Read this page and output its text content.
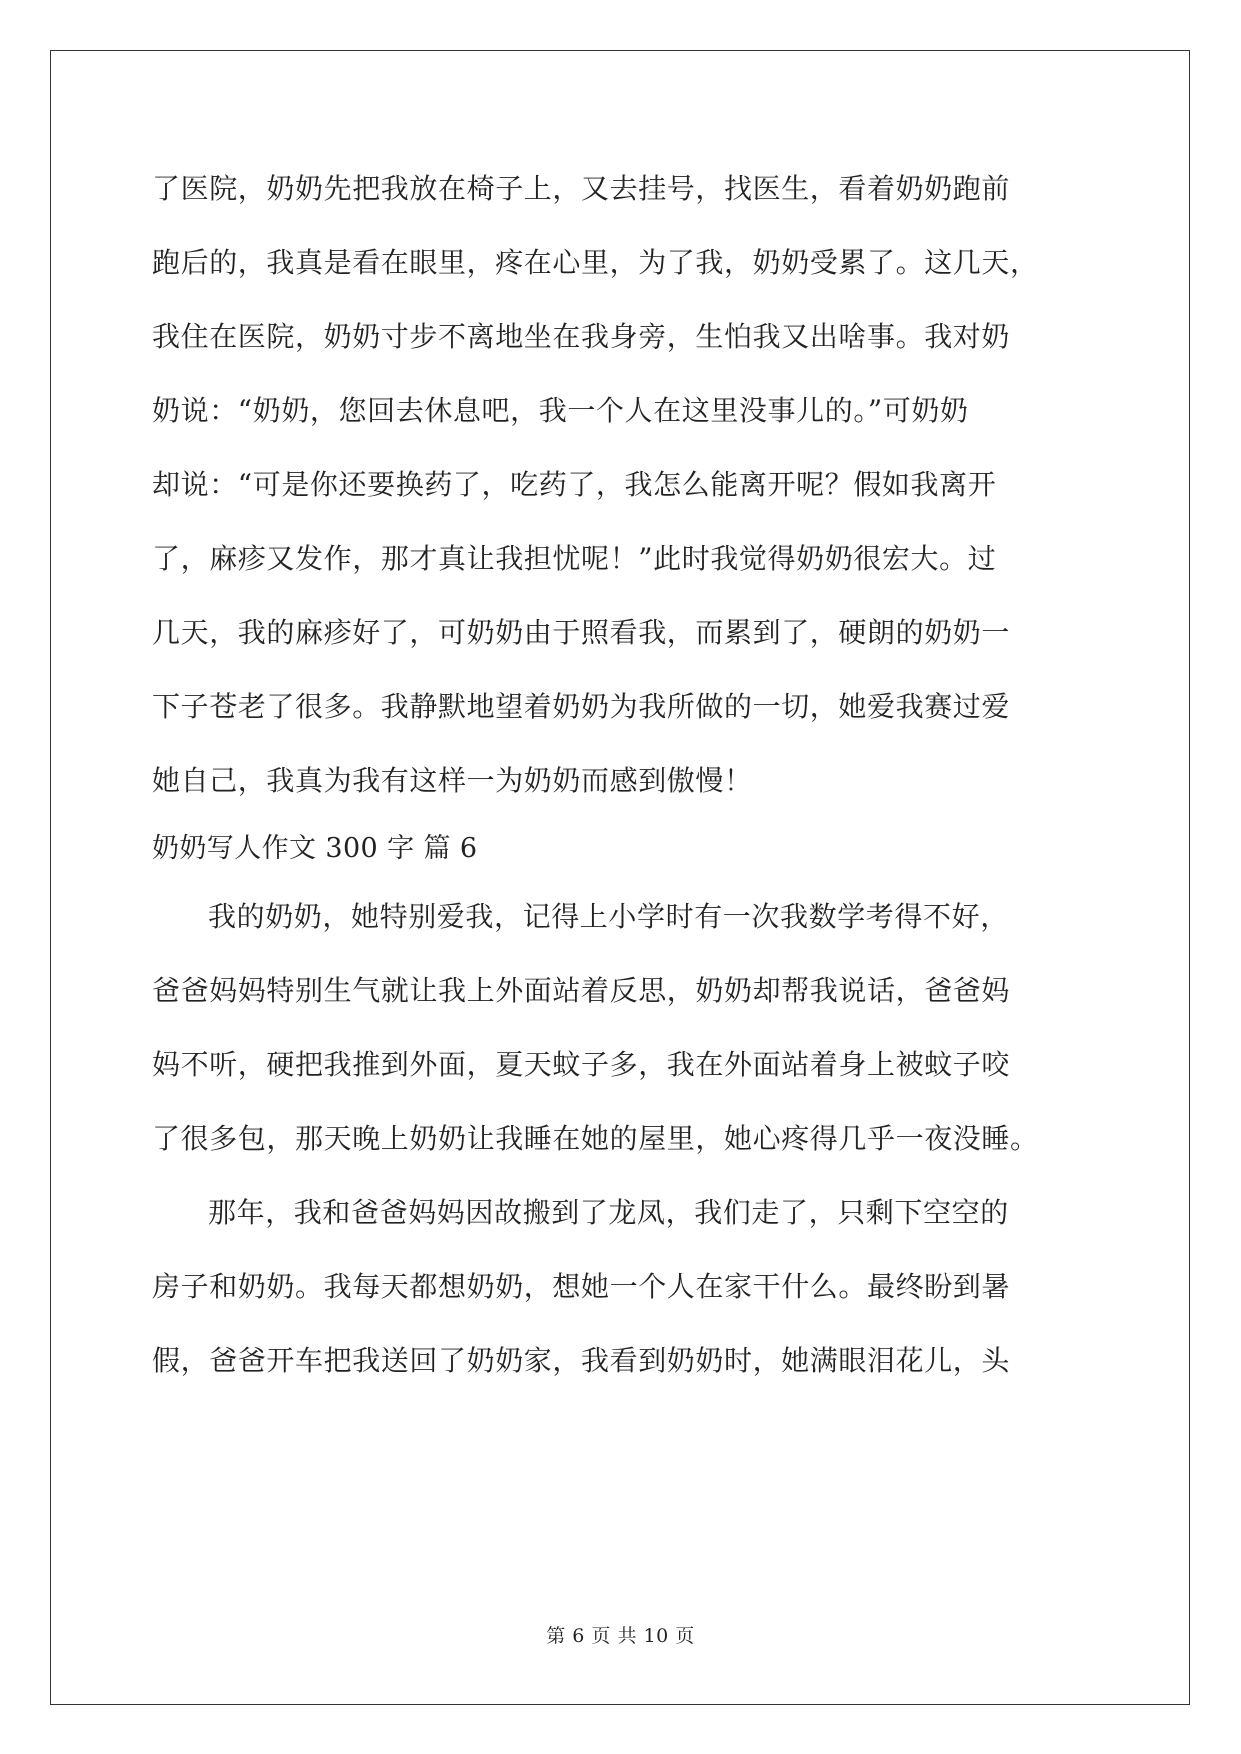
了医院，奶奶先把我放在椅子上，又去挂号，找医生，看着奶奶跑前
跑后的，我真是看在眼里，疼在心里，为了我，奶奶受累了。这几天，
我住在医院，奶奶寸步不离地坐在我身旁，生怕我又出啥事。我对奶
奶说：“奶奶，您回去休息吧，我一个人在这里没事儿的。”可奶奶
却说：“可是你还要换药了，吃药了，我怎么能离开呢？假如我离开
了，麻疹又发作，那才真让我担忧呢！”此时我觉得奶奶很宏大。过
几天，我的麻疹好了，可奶奶由于照看我，而累到了，硬朗的奶奶一
下子苍老了很多。我静默地望着奶奶为我所做的一切，她爱我赛过爱
她自己，我真为我有这样一为奶奶而感到傲慢！
奶奶写人作文 300 字 篇 6
我的奶奶，她特别爱我，记得上小学时有一次我数学考得不好，
爸爸妈妈特别生气就让我上外面站着反思，奶奶却帮我说话，爸爸妈
妈不听，硬把我推到外面，夏天蚊子多，我在外面站着身上被蚊子咬
了很多包，那天晚上奶奶让我睡在她的屋里，她心疼得几乎一夜没睡。
那年，我和爸爸妈妈因故搬到了龙凤，我们走了，只剩下空空的
房子和奶奶。我每天都想奶奶，想她一个人在家干什么。最终盼到暑
假，爸爸开车把我送回了奶奶家，我看到奶奶时，她满眼泪花儿，头
第 6 页 共 10 页
